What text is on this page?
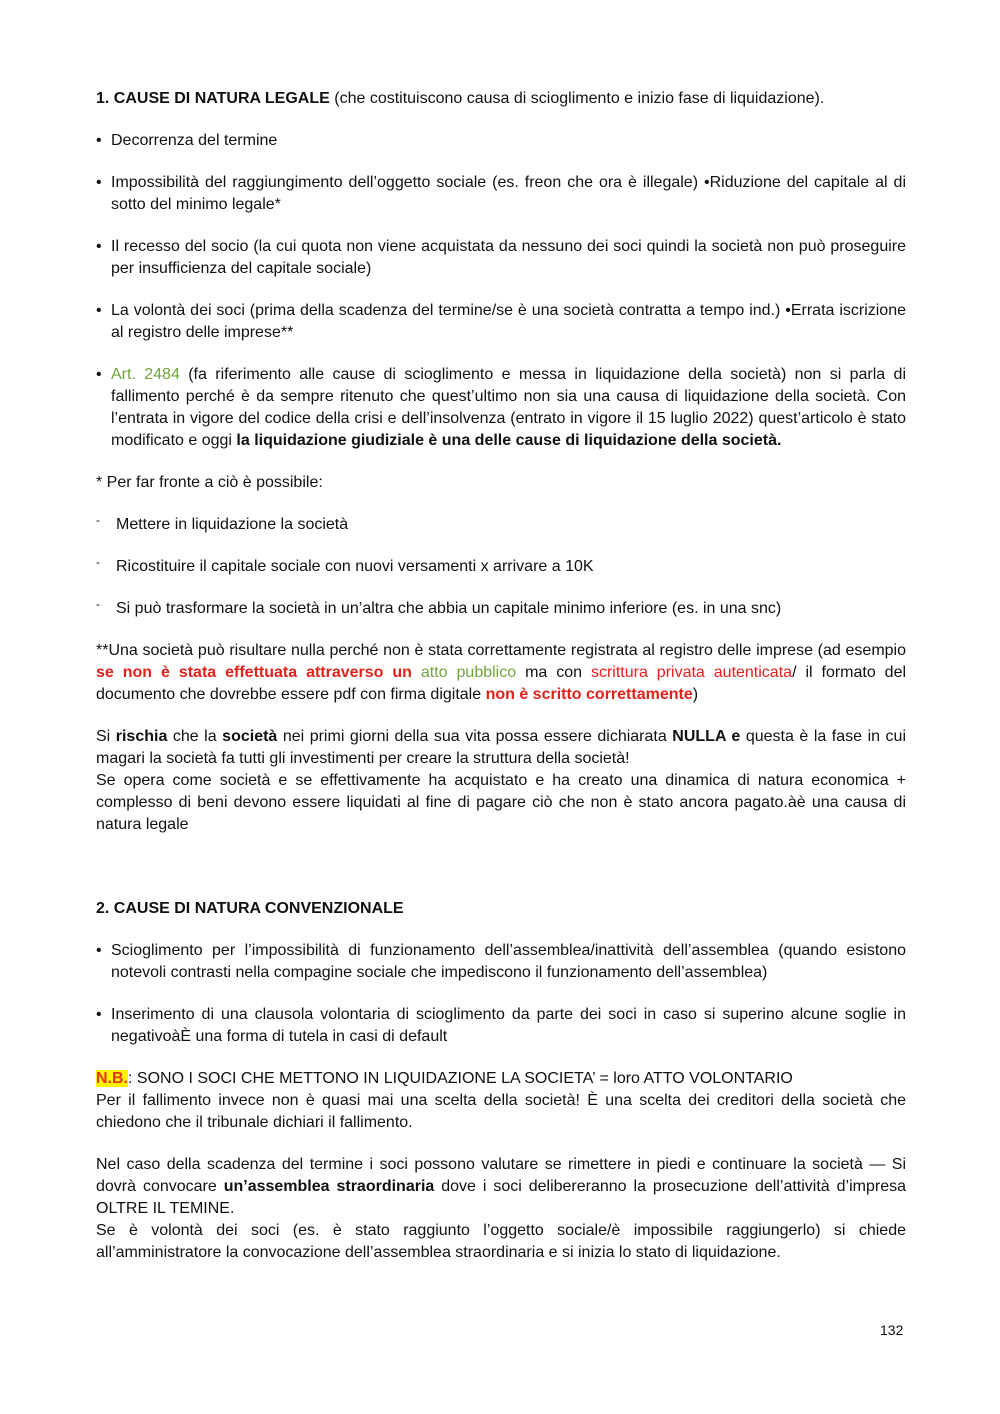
1. CAUSE DI NATURA LEGALE (che costituiscono causa di scioglimento e inizio fase di liquidazione).

• Decorrenza del termine
• Impossibilità del raggiungimento dell’oggetto sociale (es. freon che ora è illegale) •Riduzione del capitale al di sotto del minimo legale*
• Il recesso del socio (la cui quota non viene acquistata da nessuno dei soci quindi la società non può proseguire per insufficienza del capitale sociale)
• La volontà dei soci (prima della scadenza del termine/se è una società contratta a tempo ind.) •Errata iscrizione al registro delle imprese**
• Art. 2484 (fa riferimento alle cause di scioglimento e messa in liquidazione della società) non si parla di fallimento perché è da sempre ritenuto che quest’ultimo non sia una causa di liquidazione della società. Con l’entrata in vigore del codice della crisi e dell’insolvenza (entrato in vigore il 15 luglio 2022) quest’articolo è stato modificato e oggi la liquidazione giudiziale è una delle cause di liquidazione della società.

* Per far fronte a ciò è possibile:

-	Mettere in liquidazione la società
-	Ricostituire il capitale sociale con nuovi versamenti x arrivare a 10K
-	Si può trasformare la società in un’altra che abbia un capitale minimo inferiore (es. in una snc)

**Una società può risultare nulla perché non è stata correttamente registrata al registro delle imprese (ad esempio se non è stata effettuata attraverso un atto pubblico ma con scrittura privata autenticata/ il formato del documento che dovrebbe essere pdf con firma digitale non è scritto correttamente)

Si rischia che la società nei primi giorni della sua vita possa essere dichiarata NULLA e questa è la fase in cui magari la società fa tutti gli investimenti per creare la struttura della società!

Se opera come società e se effettivamente ha acquistato e ha creato una dinamica di natura economica + complesso di beni devono essere liquidati al fine di pagare ciò che non è stato ancora pagato.àè una causa di natura legale

2. CAUSE DI NATURA CONVENZIONALE

• Scioglimento per l’impossibilità di funzionamento dell’assemblea/inattività dell’assemblea (quando esistono notevoli contrasti nella compagine sociale che impediscono il funzionamento dell’assemblea)
• Inserimento di una clausola volontaria di scioglimento da parte dei soci in caso si superino alcune soglie in negativoàÈ una forma di tutela in casi di default

N.B.: SONO I SOCI CHE METTONO IN LIQUIDAZIONE LA SOCIETA’ = loro ATTO VOLONTARIO

Per il fallimento invece non è quasi mai una scelta della società! È una scelta dei creditori della società che chiedono che il tribunale dichiari il fallimento.

Nel caso della scadenza del termine i soci possono valutare se rimettere in piedi e continuare la società — Si dovrà convocare un’assemblea straordinaria dove i soci delibereranno la prosecuzione dell’attività d’impresa OLTRE IL TEMINE.

Se è volontà dei soci (es. è stato raggiunto l’oggetto sociale/è impossibile raggiungerlo) si chiede all’amministratore la convocazione dell’assemblea straordinaria e si inizia lo stato di liquidazione.

132
